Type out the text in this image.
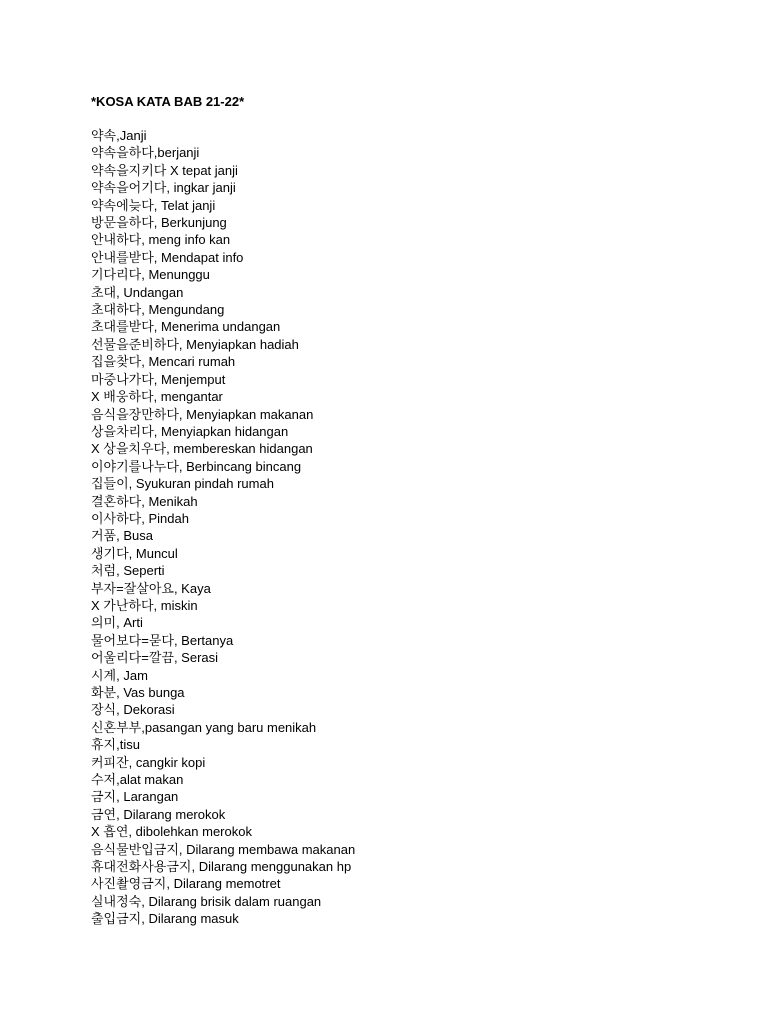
*KOSA KATA BAB 21-22*
약속,Janji
약속을하다,berjanji
약속을지키다 X tepat janji
약속을어기다, ingkar janji
약속에늦다, Telat janji
방문을하다, Berkunjung
안내하다, meng info kan
안내를받다, Mendapat info
기다리다, Menunggu
초대, Undangan
초대하다, Mengundang
초대를받다, Menerima undangan
선물을준비하다, Menyiapkan hadiah
집을찾다, Mencari rumah
마중나가다, Menjemput
X 배웅하다, mengantar
음식을장만하다, Menyiapkan makanan
상을차리다, Menyiapkan hidangan
X 상을치우다, membereskan hidangan
이야기를나누다, Berbincang bincang
집들이, Syukuran pindah rumah
결혼하다, Menikah
이사하다, Pindah
거품, Busa
생기다, Muncul
처럼, Seperti
부자=잘살아요, Kaya
X 가난하다, miskin
의미, Arti
물어보다=묻다, Bertanya
어울리다=깔끔, Serasi
시계, Jam
화분, Vas bunga
장식, Dekorasi
신혼부부,pasangan yang baru menikah
휴지,tisu
커피잔, cangkir kopi
수저,alat makan
금지, Larangan
금연, Dilarang merokok
X 흡연, dibolehkan merokok
음식물반입금지, Dilarang membawa makanan
휴대전화사용금지, Dilarang menggunakan hp
사진촬영금지, Dilarang memotret
실내정숙, Dilarang brisik dalam ruangan
출입금지, Dilarang masuk
